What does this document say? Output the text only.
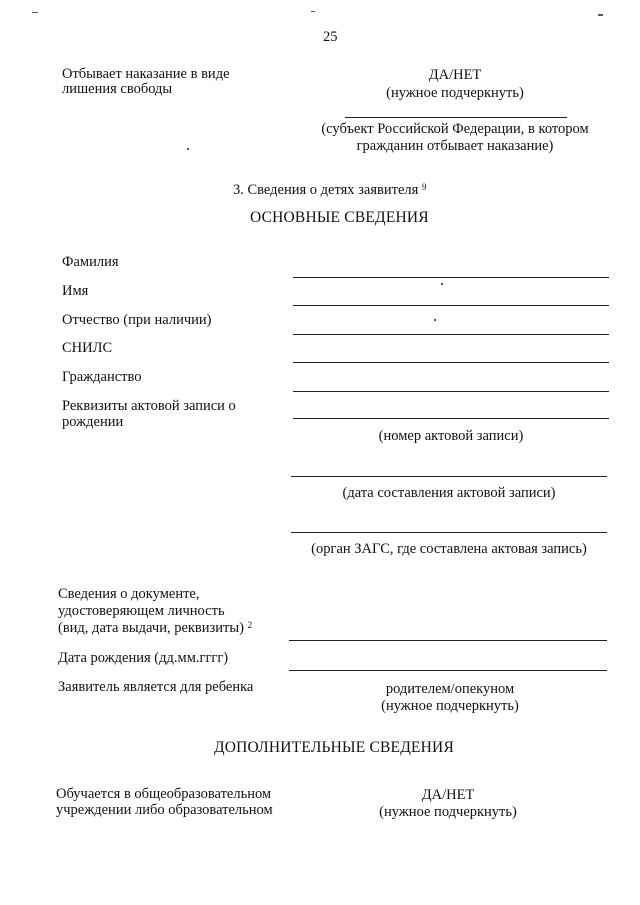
25
Отбывает наказание в виде
лишения свободы
ДА/НЕТ
(нужное подчеркнуть)
(субъект Российской Федерации, в котором
гражданин отбывает наказание)
3. Сведения о детях заявителя $^9$
ОСНОВНЫЕ СВЕДЕНИЯ
Фамилия
Имя
Отчество (при наличии)
СНИЛС
Гражданство
Реквизиты актовой записи о
рождении
(номер актовой записи)
(дата составления актовой записи)
(орган ЗАГС, где составлена актовая запись)
Сведения о документе,
удостоверяющем личность
(вид, дата выдачи, реквизиты) $^2$
Дата рождения (дд.мм.гггг)
Заявитель является для ребенка	родителем/опекуном
(нужное подчеркнуть)
ДОПОЛНИТЕЛЬНЫЕ СВЕДЕНИЯ
Обучается в общеобразовательном
учреждении либо образовательном
ДА/НЕТ
(нужное подчеркнуть)
